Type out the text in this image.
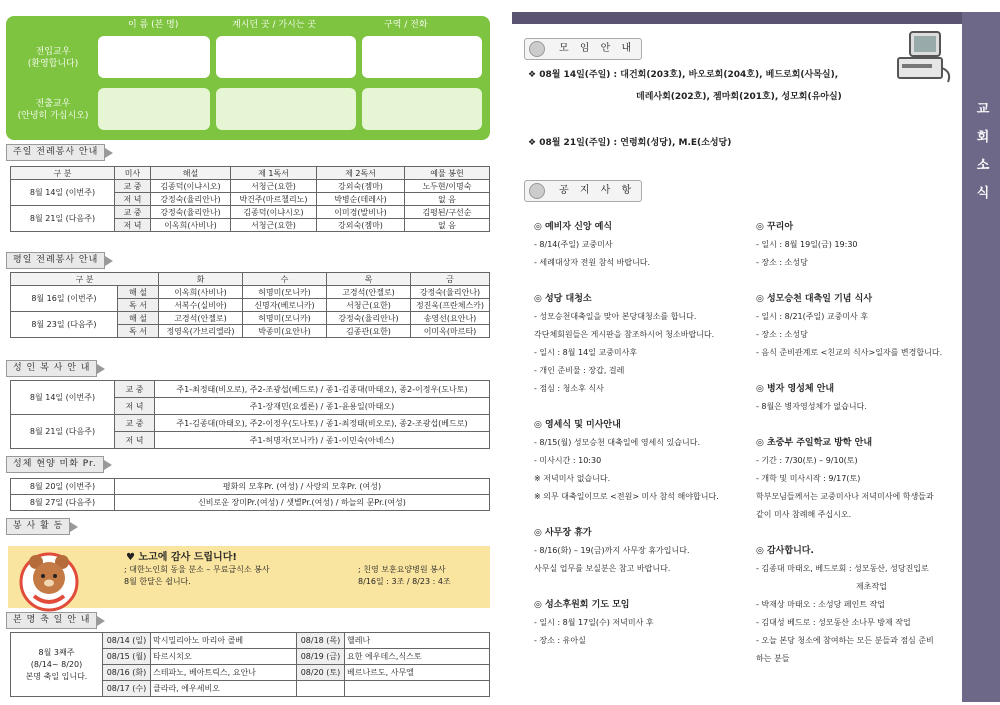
이 름 (본 명)	계시던 곳 / 가시는 곳	구역 / 전화
전입교우
(환영합니다)
전출교우
(안녕히 가십시오)
주일 전례봉사 안내
구 분	미사	해설	제 1독서	제 2독서	예물 봉헌
8월 14일 (이번주)	교 중	김종덕(이냐시오)	서청근(요한)	강외숙(젬마)	노두현/이명숙
	저 녁	강정숙(율리안나)	박건주(마르첼리노)	박병순(데레사)	없 음
8월 21일 (다음주)	교 중	강정숙(율리안나)	김종덕(이냐시오)	이미경(발비나)	김평된/구선순
	저 녁	이옥희(사비나)	서청근(요한)	강외숙(젬마)	없 음
평일 전례봉사 안내
구 분		화	수	목	금
8월 16일 (이번주)	해 설	이옥희(사비나)	허명미(모니카)	고경석(안젤로)	강정숙(율리안나)
	독 서	서복수(실비아)	신명자(베로니카)	서청근(요한)	정진욱(프란체스카)
8월 23일 (다음주)	해 설	고경석(안젤로)	허명미(모니카)	강정숙(율리안나)	송영선(요안나)
	독 서	정영옥(가브리엘라)	박종미(요안나)	김종관(요한)	이미옥(마르타)
성 인 복 사 안 내
8월 14일 (이번주)	교 중	주1-최정태(비오로), 주2-조광섭(베드로) / 종1-김종대(마태오), 종2-이정우(도나토)
	저 녁	주1-장재민(요셉론) / 종1-윤용일(마태오)
8월 21일 (다음주)	교 중	주1-김종대(마태오), 주2-이정우(도나토) / 종1-최정태(비오로), 종2-조광섭(베드로)
	저 녁	주1-허명자(모니카) / 종1-이민숙(아녜스)
성체 현양 미화 Pr.
8월 20일 (이번주)	평화의 모후Pr. (여성) / 사랑의 모후Pr. (여성)
8월 27일 (다음주)	신비로운 장미Pr.(여성) / 샛별Pr.(여성) / 하늘의 문Pr.(여성)
봉 사 활 동
♥ 노고에 감사 드립니다!
; 대한노인회 동울 분소 – 무료급식소 봉사
8월 한달은 쉽니다.
; 친영 보훈요양병원 봉사
8/16일 : 3조 / 8/23 : 4조
본 명 축 일 안 내
8월 3째주
(8/14~ 8/20)
본명 축일 입니다.	08/14 (일)	막시밀리아노 마리아 콜베	08/18 (목)	헬레나
	08/15 (월)	타르시치오	08/19 (금)	요한 에우데스,식스토
	08/16 (화)	스테파노, 베아트릭스, 요안나	08/20 (토)	베르나르도, 사무엘
	08/17 (수)	클라라, 에우세비오		
교
회
소
식
모 임 안 내
❖ 08월 14일(주일) : 대건회(203호), 바오로회(204호), 베드로회(사목실),
데레사회(202호), 젬마회(201호), 성모회(유아실)
❖ 08월 21일(주일) : 연령회(성당), M.E(소성당)
공 지 사 항
◎ 예비자 신앙 예식
- 8/14(주일) 교중미사
- 세례대상자 전원 참석 바랍니다.
◎ 성당 대청소
- 성모승천대축일을 맞아 본당대청소를 합니다.
각단체회원들은 게시판을 참조하시어 청소바랍니다.
- 일시 : 8월 14일 교중미사후
- 개인 준비물 : 장갑, 걸레
- 점심 : 청소후 식사
◎ 영세식 및 미사안내
- 8/15(월) 성모승천 대축일에 영세식 있습니다.
- 미사시간 : 10:30
※ 저녁미사 없습니다.
※ 의무 대축일이므로 <전원> 미사 참석 해야합니다.
◎ 사무장 휴가
- 8/16(화) – 19(금)까지 사무장 휴가입니다.
사무실 업무를 보실분은 참고 바랍니다.
◎ 성소후원회 기도 모임
- 일시 : 8월 17일(수) 저녁미사 후
- 장소 : 유아실
◎ 꾸리아
- 일시 : 8월 19일(금) 19:30
- 장소 : 소성당
◎ 성모승천 대축일 기념 식사
- 일시 : 8/21(주일) 교중미사 후
- 장소 : 소성당
- 음식 준비관계로 <친교의 식사>일자를 변경합니다.
◎ 병자 영성체 안내
- 8월은 병자영성체가 없습니다.
◎ 초중부 주일학교 방학 안내
- 기간 : 7/30(토) – 9/10(토)
- 개학 및 미사시작 : 9/17(토)
학부모님들께서는 교중미사나 저녁미사에 학생들과
같이 미사 참례해 주십시오.
◎ 감사합니다.
- 김종대 마태오, 베드로회 : 성모동산, 성당진입로
제초작업
- 박재상 마태오 : 소성당 페인트 작업
- 김대성 베드로 : 성모동산 소나무 방제 작업
- 오늘 본당 청소에 참여하는 모든 분들과 점심 준비
하는 분들
